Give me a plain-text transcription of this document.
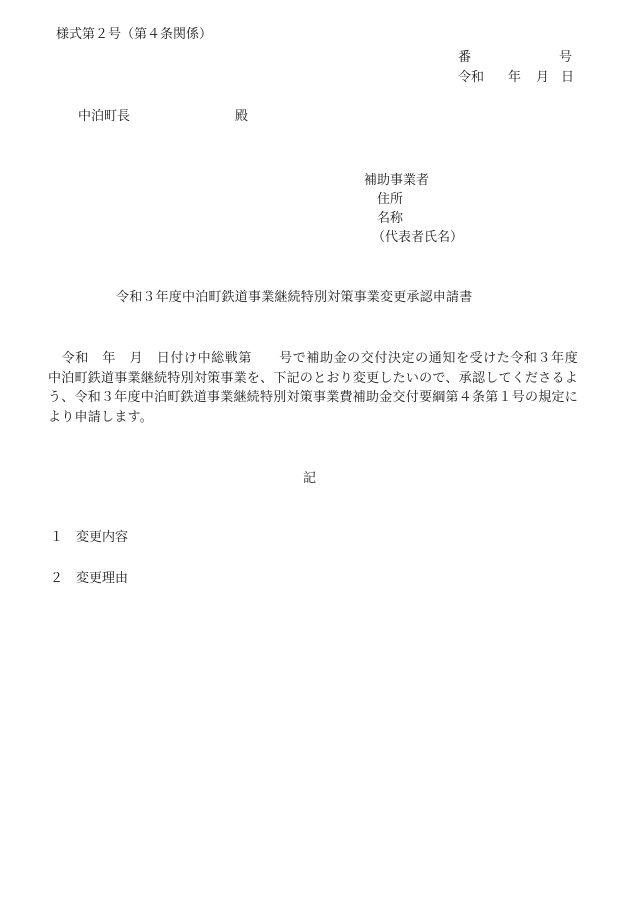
様式第２号（第４条関係）
番	号
令和 年 月 日
中泊町長	殿
補助事業者
住所
名称
（代表者氏名）
令和３年度中泊町鉄道事業継続特別対策事業変更承認申請書
　令和　年　月　日付け中総戦第　　号で補助金の交付決定の通知を受けた令和３年度中泊町鉄道事業継続特別対策事業を、下記のとおり変更したいので、承認してくださるよう、令和３年度中泊町鉄道事業継続特別対策事業費補助金交付要綱第４条第１号の規定により申請します。
記
１ 変更内容
２ 変更理由
